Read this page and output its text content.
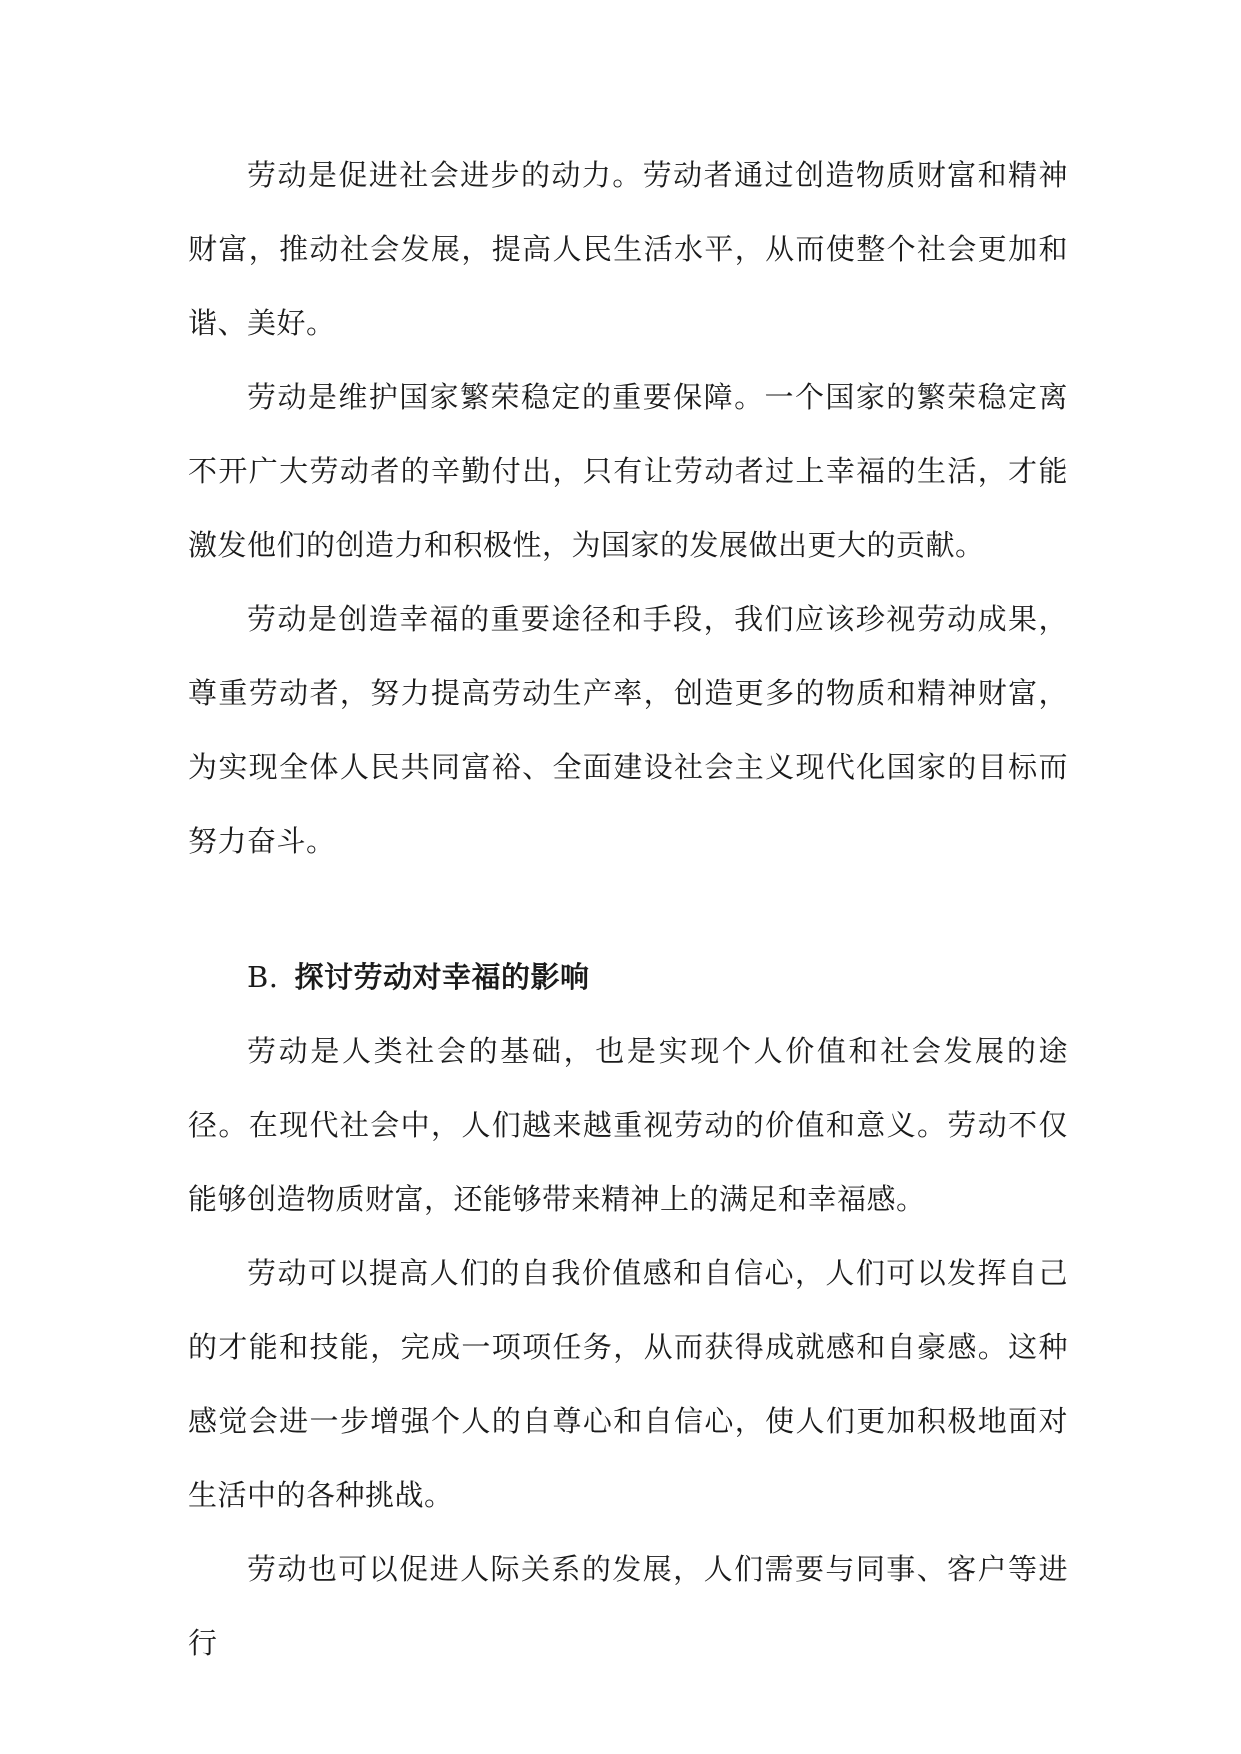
劳动是促进社会进步的动力。劳动者通过创造物质财富和精神财富，推动社会发展，提高人民生活水平，从而使整个社会更加和谐、美好。

劳动是维护国家繁荣稳定的重要保障。一个国家的繁荣稳定离不开广大劳动者的辛勤付出，只有让劳动者过上幸福的生活，才能激发他们的创造力和积极性，为国家的发展做出更大的贡献。

劳动是创造幸福的重要途径和手段，我们应该珍视劳动成果，尊重劳动者，努力提高劳动生产率，创造更多的物质和精神财富，为实现全体人民共同富裕、全面建设社会主义现代化国家的目标而努力奋斗。

B. 探讨劳动对幸福的影响

劳动是人类社会的基础，也是实现个人价值和社会发展的途径。在现代社会中，人们越来越重视劳动的价值和意义。劳动不仅能够创造物质财富，还能够带来精神上的满足和幸福感。

劳动可以提高人们的自我价值感和自信心，人们可以发挥自己的才能和技能，完成一项项任务，从而获得成就感和自豪感。这种感觉会进一步增强个人的自尊心和自信心，使人们更加积极地面对生活中的各种挑战。

劳动也可以促进人际关系的发展，人们需要与同事、客户等进行
